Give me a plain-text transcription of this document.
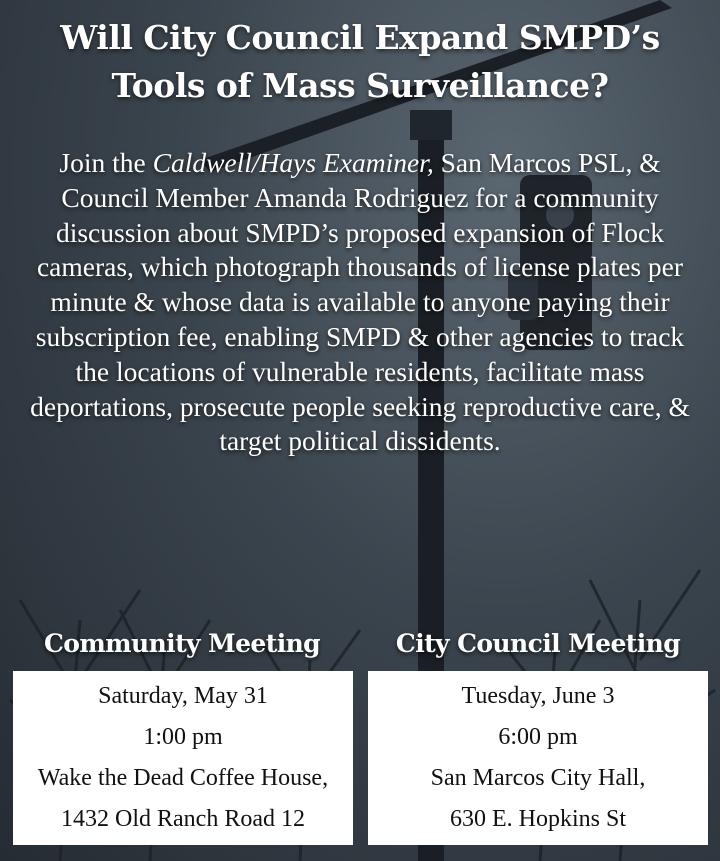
Will City Council Expand SMPD’s
Tools of Mass Surveillance?
Join the Caldwell/Hays Examiner, San Marcos PSL, & Council Member Amanda Rodriguez for a community discussion about SMPD’s proposed expansion of Flock cameras, which photograph thousands of license plates per minute & whose data is available to anyone paying their subscription fee, enabling SMPD & other agencies to track the locations of vulnerable residents, facilitate mass deportations, prosecute people seeking reproductive care, & target political dissidents.
Community Meeting	City Council Meeting
Saturday, May 31
1:00 pm
Wake the Dead Coffee House,
1432 Old Ranch Road 12
Tuesday, June 3
6:00 pm
San Marcos City Hall,
630 E. Hopkins St
